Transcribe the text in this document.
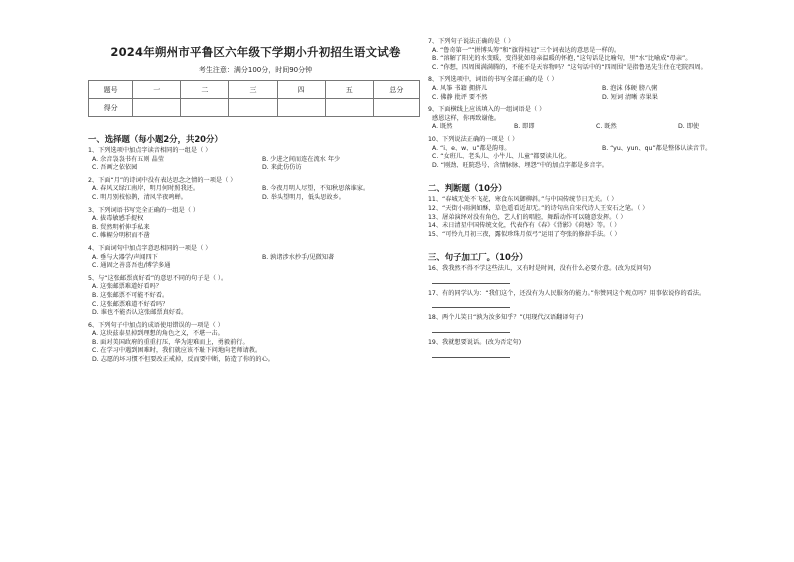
2024年朔州市平鲁区六年级下学期小升初招生语文试卷
考生注意：满分100分，时间90分钟
题号	一	二	三	四	五	总分
得分						
一、选择题（每小题2分，共20分）
1、下列选项中加点字读音相同的一组是（ ）
A. 余音袅袅书有五则 晶莹	B. 少进之间而连在流水 年少
C. 吾画之依依园	D. 来此仿仿访
2、下面“月”的诗词中没有表达思念之情的一项是（ ）
A. 春风又绿江南岸，明月何时照我还。	B. 今夜月明人尽望，不知秋思落谁家。
C. 明月别枝惊鹊，清风半夜鸣蝉。	D. 举头望明月，低头思故乡。
3、下列词语书写完全正确的一组是（ ）
A. 拔毒敏感手捉权
B. 贸然明析伸手私来
C. 帷幄分明积而不凿
4、下面词句中加点字意思相同的一项是（ ）
A. 垂与大器学/声闻四下	B. 孰诸涉水抄手/见微知著
C. 通固之善喜吾也/博学多通
5、与“这张邮票真好看”的意思不同的句子是（ ）。
A. 这张邮票难道好看吗？
B. 这张邮票不可能不好看。
C. 这张邮票难道不好看吗？
D. 谁也不能否认这张邮票真好看。
6、下列句子中加点的成语使用错误的一项是（ ）
A. 这块兹泰星掉到理想的角色之义，不堪一击。
B. 面对美国政府的重重打压，华为迎难而上，勇毅前行。
C. 在学习中遇到困难时，我们就应该不耻下问地向老师请教。
D. 志愿的坏习惯不但要改正戒掉，反而要中断，防造了你的的心。
7、下列句子说法正确的是（ ）
A. “鲁奇第一”“拼博头筹”和“旗得桂冠”三个词表达的意思是一样的。
B. “溶解了阳光的水变暖，变得犹如母亲温暖的怀抱，”这句话是比喻句，里“水”比喻成“母亲”。
C. “你想，四周围满满腾的，不能不是天容物吗？”这句话中的“四周围”是指鲁迅先生住在宅院四周。
8、下列选项中，词语的书写全部正确的是（ ）
A. 风筝 书籍 拥挤儿	B. 泡沫 体硬 膀八粥
C. 佛静 批评 要不然	D. 短词 清晰 赤果果
9、下面横线上应该填入的一组词语是（ ）
感恩这样，你再致谢他。
A. 既然	B. 即即	C. 既然	D. 即使
10、下列说法正确的一项是（ ）
A. “i、e、w、u”都是韵母。	B. “yu、yun、qu”都是整体认读音节。
C. “女班儿、老头儿、小牛儿、儿童”都要读儿化。
D. “刚劲、旺院恐号、含情脉脉、埋怨”中的加点字都是多音字。
二、判断题（10分）
11、“春城无处不飞花，寒食东风御柳斜。”与中国传统节日无关。（ ）
12、“天街小雨润如酥，草色遥看近却无。”的诗句出自宋代诗人王安石之笔。（ ）
13、屠弟演绎对没有角色，艺人们的唱腔，舞蹈动作可以随意发挥。（ ）
14、未日清星中国传统文化，代表作有《春》《背影》《荷塘》等。（ ）
15、“可怜九月初三夜，露似珍珠月似弓”运用了夸张的修辞手法。（ ）
三、句子加工厂。（10分）
16、我我然不得不学这些法儿，又有时是时间，没有什么必要介意。(改为反问句)
17、有的同学认为：“我们这个，还没有为人民服务的能力。”你赞同这个观点吗？用事依说你的看法。
18、两个儿笑日“孰为汝多知乎？”(用现代汉语翻译句子)
19、我就想要说话。(改为否定句)
